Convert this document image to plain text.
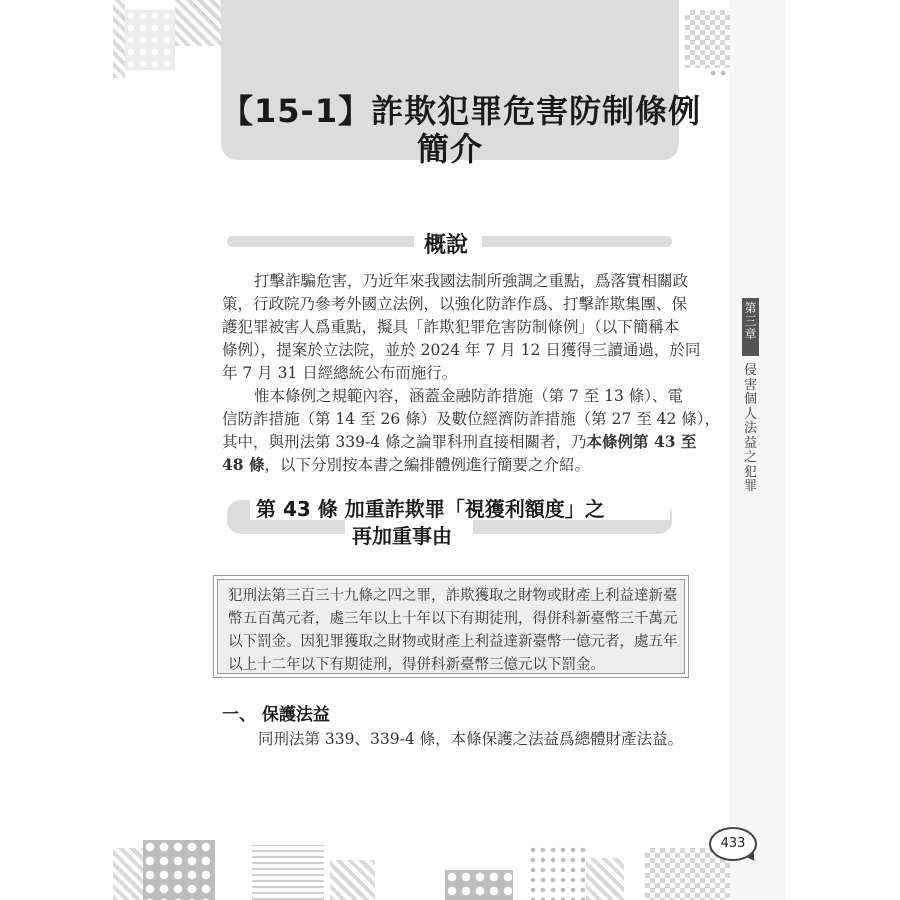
【15-1】詐欺犯罪危害防制條例
簡介
概說
打擊詐騙危害，乃近年來我國法制所強調之重點，爲落實相關政
策，行政院乃參考外國立法例，以強化防詐作爲、打擊詐欺集團、保
護犯罪被害人爲重點，擬具「詐欺犯罪危害防制條例」（以下簡稱本
條例），提案於立法院，並於 2024 年 7 月 12 日獲得三讀通過，於同
年 7 月 31 日經總統公布而施行。
惟本條例之規範內容，涵蓋金融防詐措施（第 7 至 13 條）、電
信防詐措施（第 14 至 26 條）及數位經濟防詐措施（第 27 至 42 條），
其中，與刑法第 339-4 條之論罪科刑直接相關者，乃本條例第 43 至
48 條，以下分別按本書之編排體例進行簡要之介紹。
第 43 條 加重詐欺罪「視獲利額度」之
再加重事由
犯刑法第三百三十九條之四之罪，詐欺獲取之財物或財產上利益達新臺
幣五百萬元者，處三年以上十年以下有期徒刑，得併科新臺幣三千萬元
以下罰金。因犯罪獲取之財物或財產上利益達新臺幣一億元者，處五年
以上十二年以下有期徒刑，得併科新臺幣三億元以下罰金。
一、 保護法益
同刑法第 339、339-4 條，本條保護之法益爲總體財產法益。
第
三
章
侵
害
個
人
法
益
之
犯
罪
433
